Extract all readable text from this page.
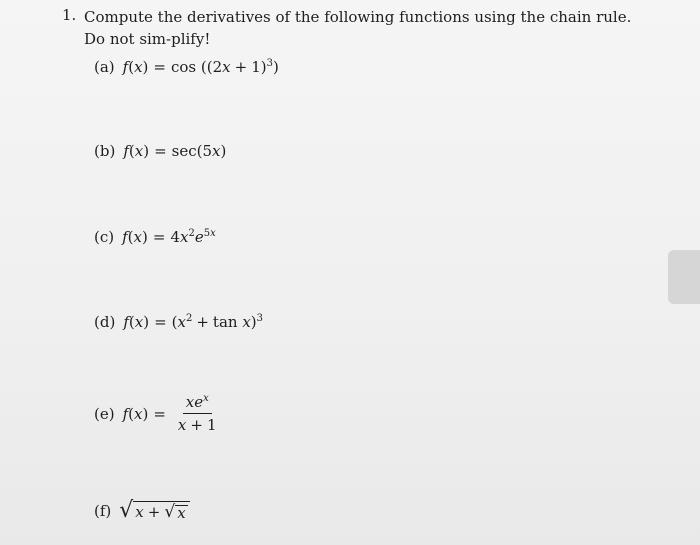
1. Compute the derivatives of the following functions using the chain rule. Do not sim-plify!
(a) $f(x) = \cos ((2x + 1)^3)$
(b) f(x) = sec(5x)
(c) $f(x) = 4x^2e^{5x}$
(d) $f(x) = (x^2 + \tan x)^3$
(e) f ( x ) = $\frac{xe^x}{x + 1}$
(f) √ x + √ x
